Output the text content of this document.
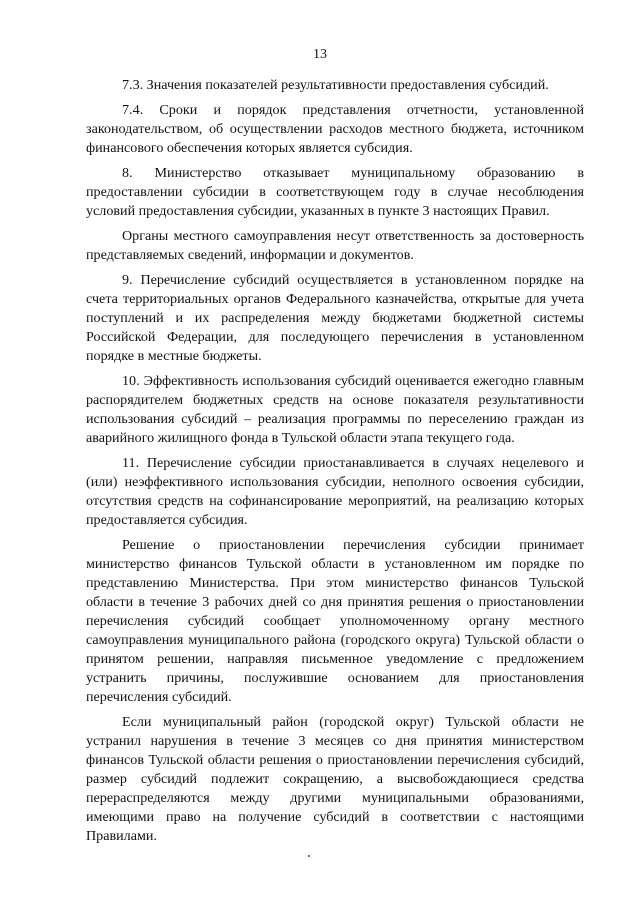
13

7.3. Значения показателей результативности предоставления субсидий.

7.4. Сроки и порядок представления отчетности, установленной законодательством, об осуществлении расходов местного бюджета, источником финансового обеспечения которых является субсидия.

8. Министерство отказывает муниципальному образованию в предоставлении субсидии в соответствующем году в случае несоблюдения условий предоставления субсидии, указанных в пункте 3 настоящих Правил.

Органы местного самоуправления несут ответственность за достоверность представляемых сведений, информации и документов.

9. Перечисление субсидий осуществляется в установленном порядке на счета территориальных органов Федерального казначейства, открытые для учета поступлений и их распределения между бюджетами бюджетной системы Российской Федерации, для последующего перечисления в установленном порядке в местные бюджеты.

10. Эффективность использования субсидий оценивается ежегодно главным распорядителем бюджетных средств на основе показателя результативности использования субсидий – реализация программы по переселению граждан из аварийного жилищного фонда в Тульской области этапа текущего года.

11. Перечисление субсидии приостанавливается в случаях нецелевого и (или) неэффективного использования субсидии, неполного освоения субсидии, отсутствия средств на софинансирование мероприятий, на реализацию которых предоставляется субсидия.

Решение о приостановлении перечисления субсидии принимает министерство финансов Тульской области в установленном им порядке по представлению Министерства. При этом министерство финансов Тульской области в течение 3 рабочих дней со дня принятия решения о приостановлении перечисления субсидий сообщает уполномоченному органу местного самоуправления муниципального района (городского округа) Тульской области о принятом решении, направляя письменное уведомление с предложением устранить причины, послужившие основанием для приостановления перечисления субсидий.

Если муниципальный район (городской округ) Тульской области не устранил нарушения в течение 3 месяцев со дня принятия министерством финансов Тульской области решения о приостановлении перечисления субсидий, размер субсидий подлежит сокращению, а высвобождающиеся средства перераспределяются между другими муниципальными образованиями, имеющими право на получение субсидий в соответствии с настоящими Правилами.
